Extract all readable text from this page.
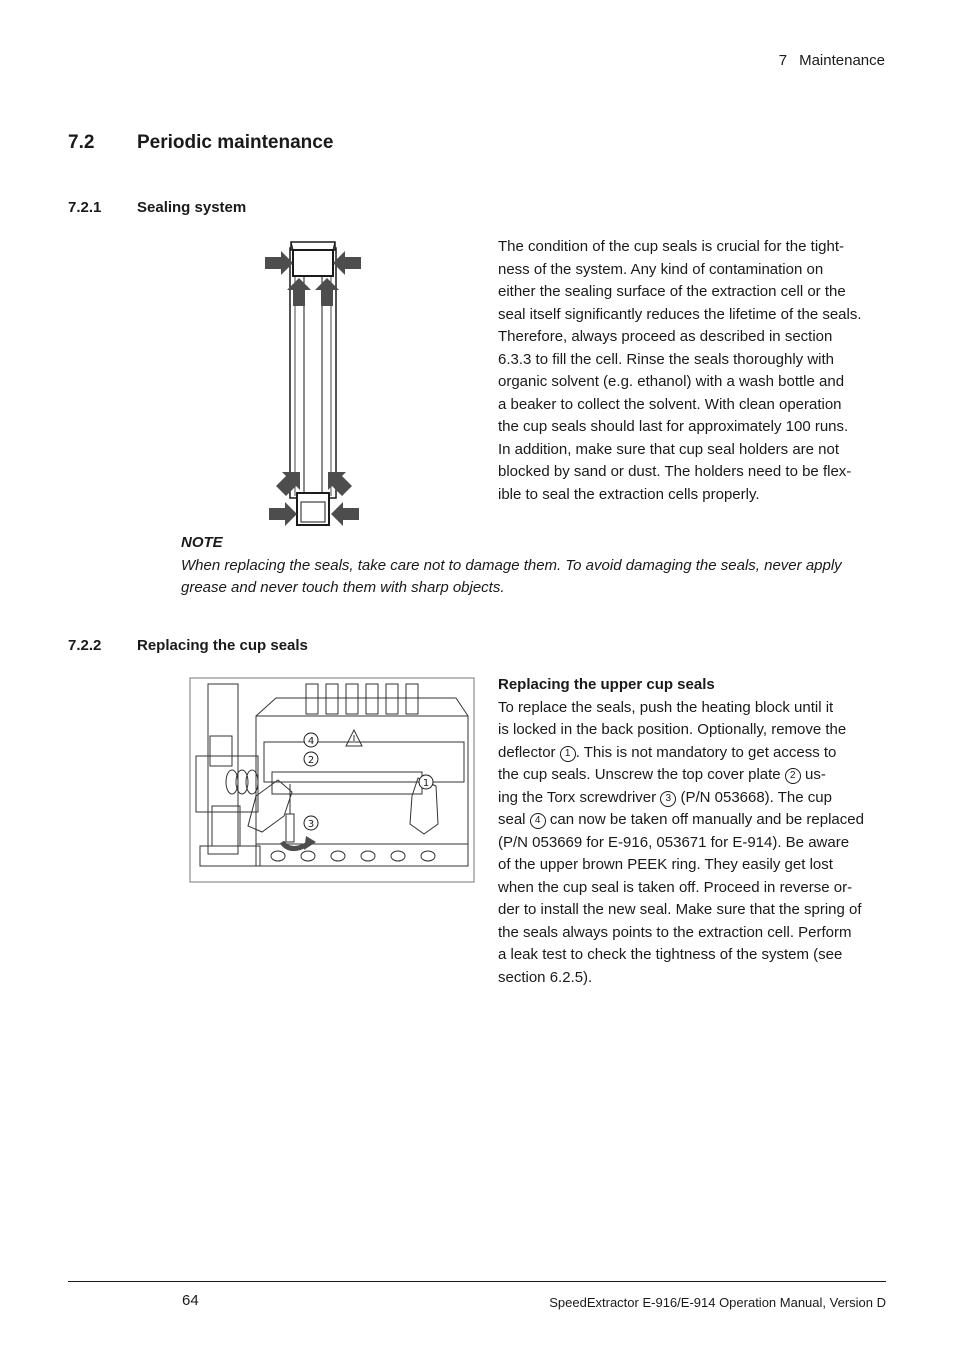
7 Maintenance
7.2 Periodic maintenance
7.2.1 Sealing system
The condition of the cup seals is crucial for the tight-
ness of the system. Any kind of contamination on
either the sealing surface of the extraction cell or the
seal itself significantly reduces the lifetime of the seals.
Therefore, always proceed as described in section
6.3.3 to fill the cell. Rinse the seals thoroughly with
organic solvent (e.g. ethanol) with a wash bottle and
a beaker to collect the solvent. With clean operation
the cup seals should last for approximately 100 runs.
In addition, make sure that cup seal holders are not
blocked by sand or dust. The holders need to be flex-
ible to seal the extraction cells properly.
NOTE
When replacing the seals, take care not to damage them. To avoid damaging the seals, never apply
grease and never touch them with sharp objects.
7.2.2 Replacing the cup seals
4
2
1
3
Replacing the upper cup seals
To replace the seals, push the heating block until it
is locked in the back position. Optionally, remove the
deflector 1 . This is not mandatory to get access to
the cup seals. Unscrew the top cover plate 2 us-
ing the Torx screwdriver 3 (P/N 053668). The cup
seal 4 can now be taken off manually and be replaced
(P/N 053669 for E-916, 053671 for E-914). Be aware
of the upper brown PEEK ring. They easily get lost
when the cup seal is taken off. Proceed in reverse or-
der to install the new seal. Make sure that the spring of
the seals always points to the extraction cell. Perform
a leak test to check the tightness of the system (see
section 6.2.5).
64	SpeedExtractor E-916/E-914 Operation Manual, Version D
